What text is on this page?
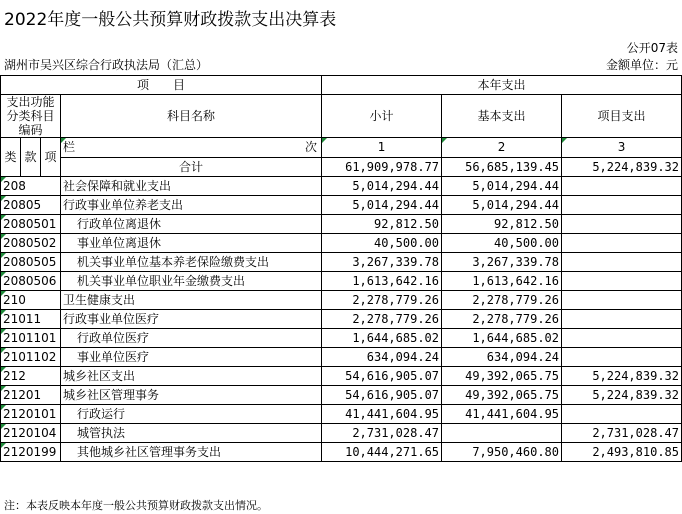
2022年度一般公共预算财政拨款支出决算表
公开07表
湖州市吴兴区综合行政执法局（汇总）	金额单位：元
项　　目				本年支出		

支出功能分类科目编码			科目名称	小计	基本支出	项目支出
类	款	项	栏 次	1	2	3
			合计	61,909,978.77	56,685,139.45	5,224,839.32
208			社会保障和就业支出	5,014,294.44	5,014,294.44	
20805			行政事业单位养老支出	5,014,294.44	5,014,294.44	
2080501			行政单位离退休	92,812.50	92,812.50	
2080502			事业单位离退休	40,500.00	40,500.00	
2080505			机关事业单位基本养老保险缴费支出	3,267,339.78	3,267,339.78	
2080506			机关事业单位职业年金缴费支出	1,613,642.16	1,613,642.16	
210			卫生健康支出	2,278,779.26	2,278,779.26	
21011			行政事业单位医疗	2,278,779.26	2,278,779.26	
2101101			行政单位医疗	1,644,685.02	1,644,685.02	
2101102			事业单位医疗	634,094.24	634,094.24	
212			城乡社区支出	54,616,905.07	49,392,065.75	5,224,839.32
21201			城乡社区管理事务	54,616,905.07	49,392,065.75	5,224,839.32
2120101			行政运行	41,441,604.95	41,441,604.95	
2120104			城管执法	2,731,028.47		2,731,028.47
2120199			其他城乡社区管理事务支出	10,444,271.65	7,950,460.80	2,493,810.85
注：本表反映本年度一般公共预算财政拨款支出情况。
